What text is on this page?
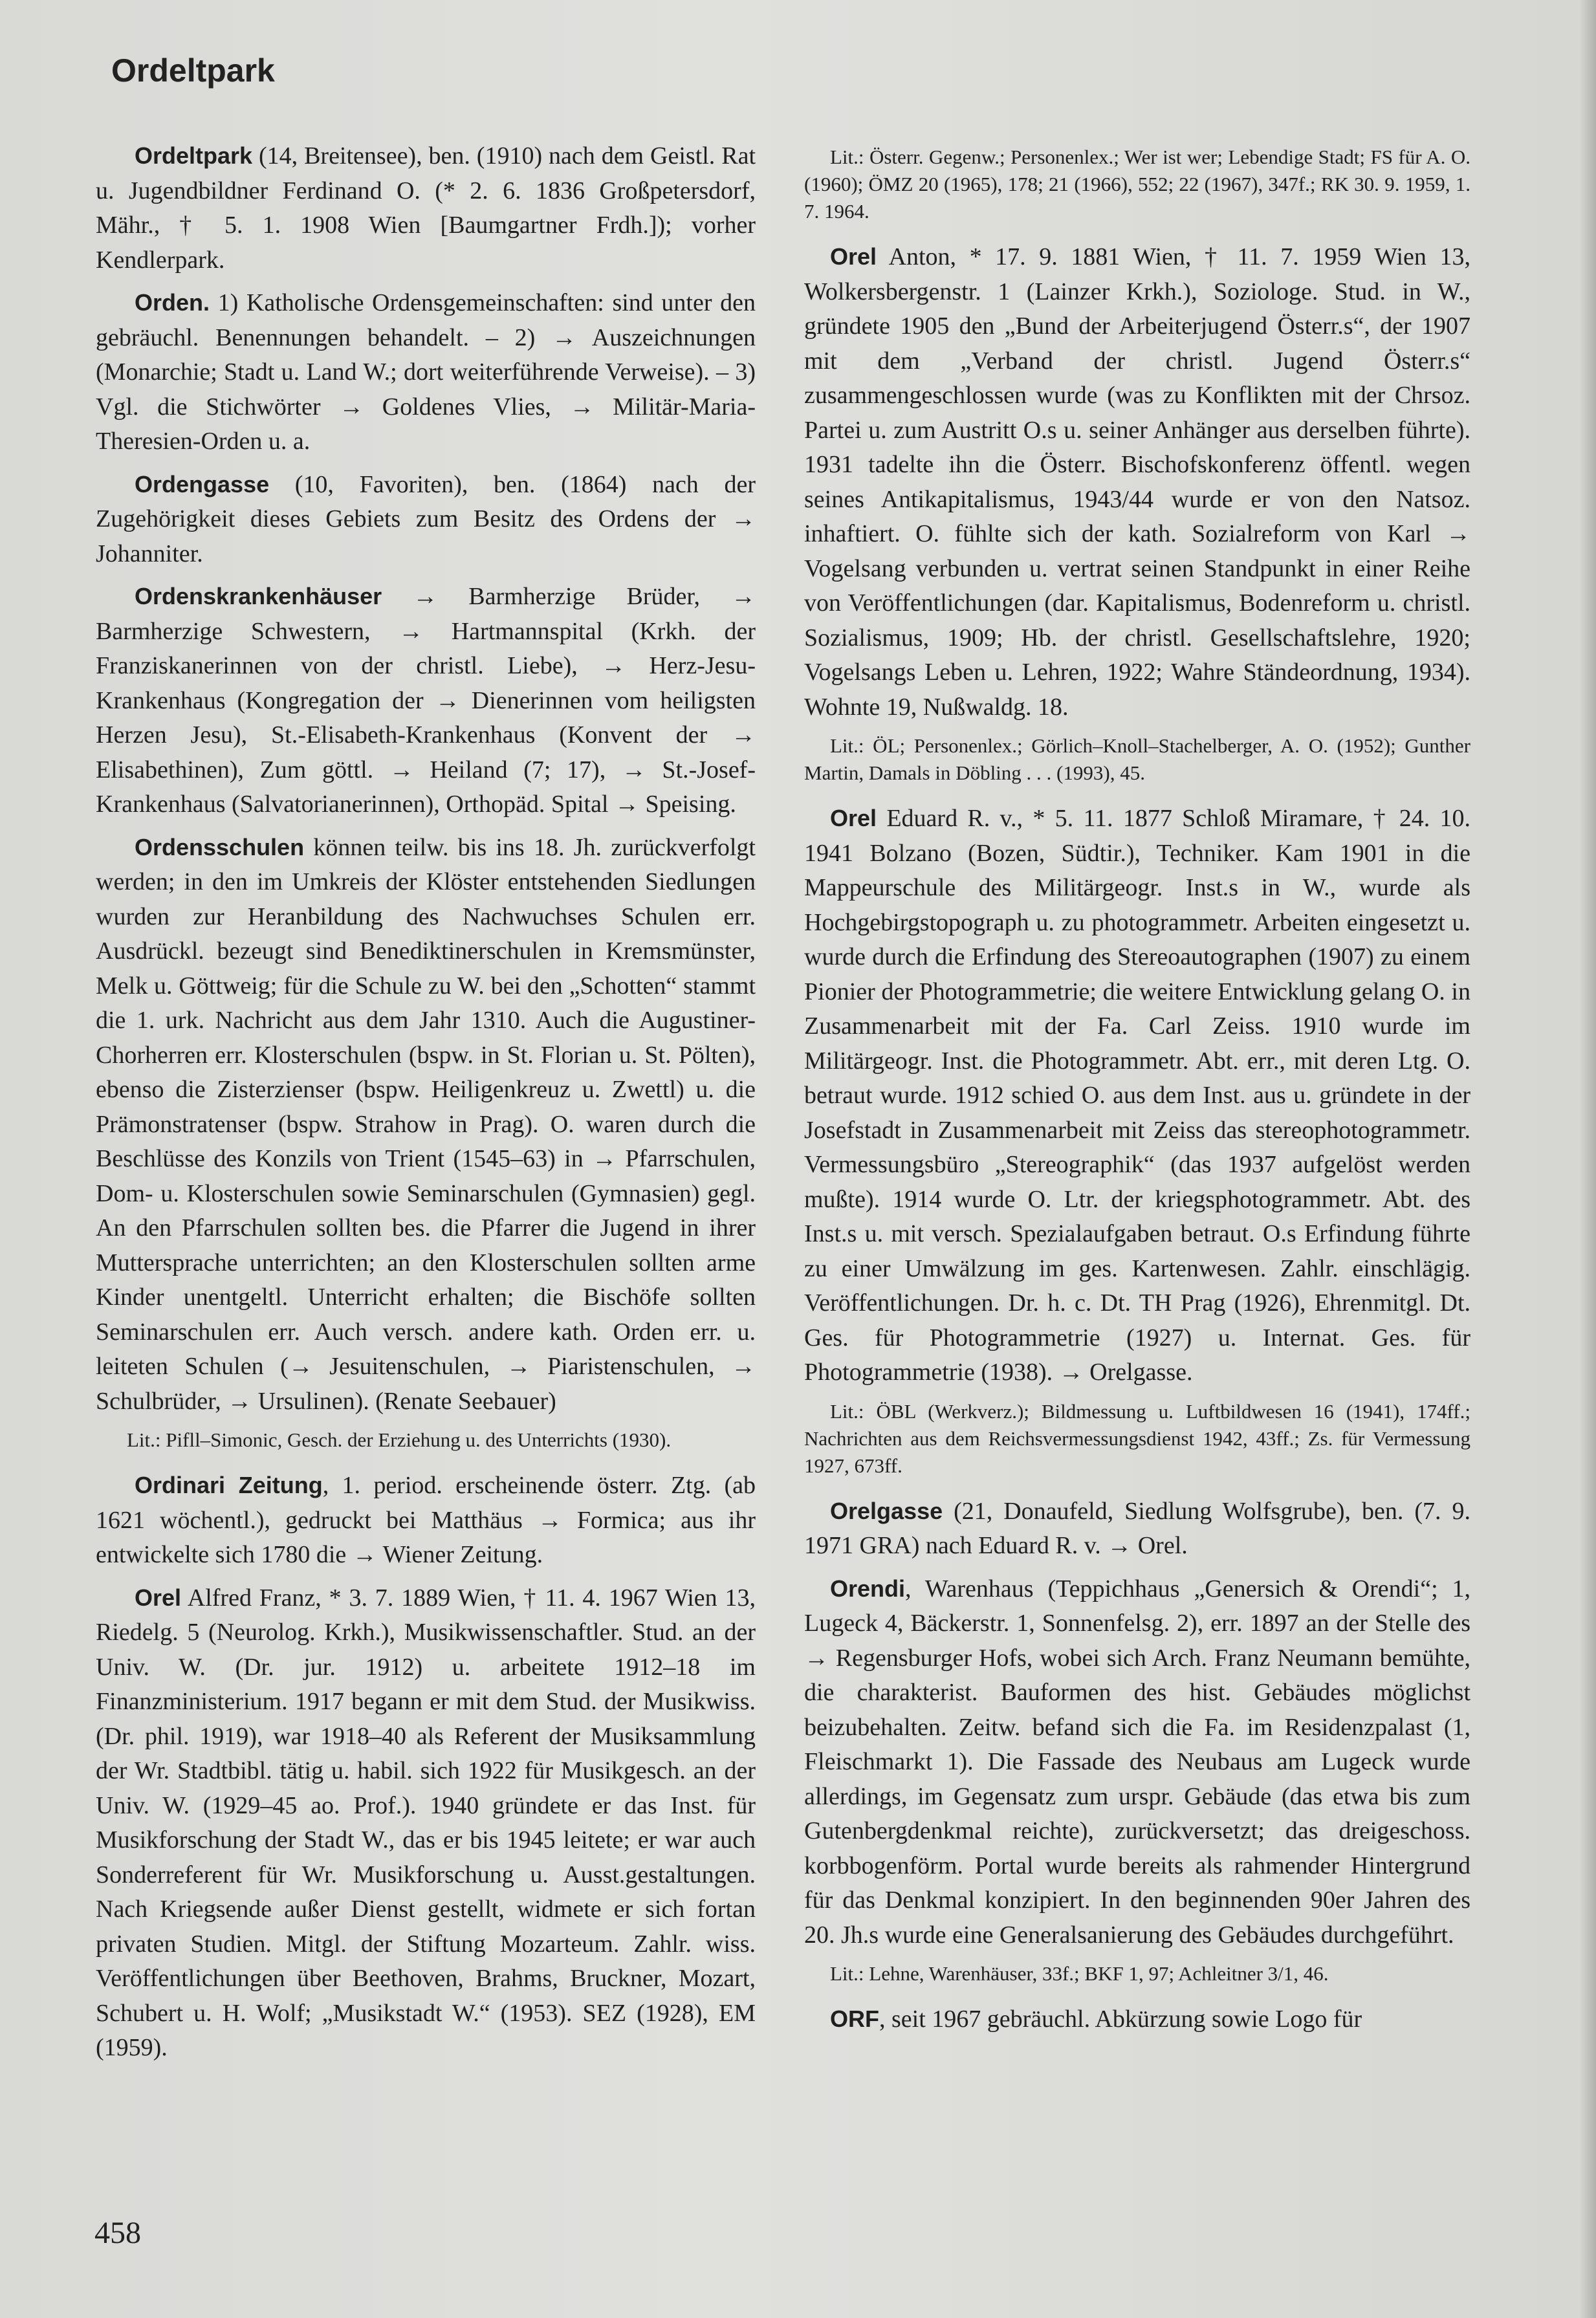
Ordeltpark

Ordeltpark (14, Breitensee), ben. (1910) nach dem Geistl. Rat u. Jugendbildner Ferdinand O. (* 2. 6. 1836 Großpetersdorf, Mähr., † 5. 1. 1908 Wien [Baumgartner Frdh.]); vorher Kendlerpark.

Orden. 1) Katholische Ordensgemeinschaften: sind unter den gebräuchl. Benennungen behandelt. – 2) → Auszeichnungen (Monarchie; Stadt u. Land W.; dort weiterführende Verweise). – 3) Vgl. die Stichwörter → Goldenes Vlies, → Militär-Maria-Theresien-Orden u. a.

Ordengasse (10, Favoriten), ben. (1864) nach der Zugehörigkeit dieses Gebiets zum Besitz des Ordens der → Johanniter.

Ordenskrankenhäuser → Barmherzige Brüder, → Barmherzige Schwestern, → Hartmannspital (Krkh. der Franziskanerinnen von der christl. Liebe), → Herz-Jesu-Krankenhaus (Kongregation der → Dienerinnen vom heiligsten Herzen Jesu), St.-Elisabeth-Krankenhaus (Konvent der → Elisabethinen), Zum göttl. → Heiland (7; 17), → St.-Josef-Krankenhaus (Salvatorianerinnen), Orthopäd. Spital → Speising.

Ordensschulen können teilw. bis ins 18. Jh. zurückverfolgt werden; in den im Umkreis der Klöster entstehenden Siedlungen wurden zur Heranbildung des Nachwuchses Schulen err. Ausdrückl. bezeugt sind Benediktinerschulen in Kremsmünster, Melk u. Göttweig; für die Schule zu W. bei den „Schotten“ stammt die 1. urk. Nachricht aus dem Jahr 1310. Auch die Augustiner-Chorherren err. Klosterschulen (bspw. in St. Florian u. St. Pölten), ebenso die Zisterzienser (bspw. Heiligenkreuz u. Zwettl) u. die Prämonstratenser (bspw. Strahow in Prag). O. waren durch die Beschlüsse des Konzils von Trient (1545–63) in → Pfarrschulen, Dom- u. Klosterschulen sowie Seminarschulen (Gymnasien) gegl. An den Pfarrschulen sollten bes. die Pfarrer die Jugend in ihrer Muttersprache unterrichten; an den Klosterschulen sollten arme Kinder unentgeltl. Unterricht erhalten; die Bischöfe sollten Seminarschulen err. Auch versch. andere kath. Orden err. u. leiteten Schulen (→ Jesuitenschulen, → Piaristenschulen, → Schulbrüder, → Ursulinen). (Renate Seebauer)

Lit.: Pifll–Simonic, Gesch. der Erziehung u. des Unterrichts (1930).

Ordinari Zeitung, 1. period. erscheinende österr. Ztg. (ab 1621 wöchentl.), gedruckt bei Matthäus → Formica; aus ihr entwickelte sich 1780 die → Wiener Zeitung.

Orel Alfred Franz, * 3. 7. 1889 Wien, † 11. 4. 1967 Wien 13, Riedelg. 5 (Neurolog. Krkh.), Musikwissenschaftler. Stud. an der Univ. W. (Dr. jur. 1912) u. arbeitete 1912–18 im Finanzministerium. 1917 begann er mit dem Stud. der Musikwiss. (Dr. phil. 1919), war 1918–40 als Referent der Musiksammlung der Wr. Stadtbibl. tätig u. habil. sich 1922 für Musikgesch. an der Univ. W. (1929–45 ao. Prof.). 1940 gründete er das Inst. für Musikforschung der Stadt W., das er bis 1945 leitete; er war auch Sonderreferent für Wr. Musikforschung u. Ausst.gestaltungen. Nach Kriegsende außer Dienst gestellt, widmete er sich fortan privaten Studien. Mitgl. der Stiftung Mozarteum. Zahlr. wiss. Veröffentlichungen über Beethoven, Brahms, Bruckner, Mozart, Schubert u. H. Wolf; „Musikstadt W.“ (1953). SEZ (1928), EM (1959).

Lit.: Österr. Gegenw.; Personenlex.; Wer ist wer; Lebendige Stadt; FS für A. O. (1960); ÖMZ 20 (1965), 178; 21 (1966), 552; 22 (1967), 347f.; RK 30. 9. 1959, 1. 7. 1964.

Orel Anton, * 17. 9. 1881 Wien, † 11. 7. 1959 Wien 13, Wolkersbergenstr. 1 (Lainzer Krkh.), Soziologe. Stud. in W., gründete 1905 den „Bund der Arbeiterjugend Österr.s“, der 1907 mit dem „Verband der christl. Jugend Österr.s“ zusammengeschlossen wurde (was zu Konflikten mit der Chrsoz. Partei u. zum Austritt O.s u. seiner Anhänger aus derselben führte). 1931 tadelte ihn die Österr. Bischofskonferenz öffentl. wegen seines Antikapitalismus, 1943/44 wurde er von den Natsoz. inhaftiert. O. fühlte sich der kath. Sozialreform von Karl → Vogelsang verbunden u. vertrat seinen Standpunkt in einer Reihe von Veröffentlichungen (dar. Kapitalismus, Bodenreform u. christl. Sozialismus, 1909; Hb. der christl. Gesellschaftslehre, 1920; Vogelsangs Leben u. Lehren, 1922; Wahre Ständeordnung, 1934). Wohnte 19, Nußwaldg. 18.

Lit.: ÖL; Personenlex.; Görlich–Knoll–Stachelberger, A. O. (1952); Gunther Martin, Damals in Döbling . . . (1993), 45.

Orel Eduard R. v., * 5. 11. 1877 Schloß Miramare, † 24. 10. 1941 Bolzano (Bozen, Südtir.), Techniker. Kam 1901 in die Mappeurschule des Militärgeogr. Inst.s in W., wurde als Hochgebirgstopograph u. zu photogrammetr. Arbeiten eingesetzt u. wurde durch die Erfindung des Stereoautographen (1907) zu einem Pionier der Photogrammetrie; die weitere Entwicklung gelang O. in Zusammenarbeit mit der Fa. Carl Zeiss. 1910 wurde im Militärgeogr. Inst. die Photogrammetr. Abt. err., mit deren Ltg. O. betraut wurde. 1912 schied O. aus dem Inst. aus u. gründete in der Josefstadt in Zusammenarbeit mit Zeiss das stereophotogrammetr. Vermessungsbüro „Stereographik“ (das 1937 aufgelöst werden mußte). 1914 wurde O. Ltr. der kriegsphotogrammetr. Abt. des Inst.s u. mit versch. Spezialaufgaben betraut. O.s Erfindung führte zu einer Umwälzung im ges. Kartenwesen. Zahlr. einschlägig. Veröffentlichungen. Dr. h. c. Dt. TH Prag (1926), Ehrenmitgl. Dt. Ges. für Photogrammetrie (1927) u. Internat. Ges. für Photogrammetrie (1938). → Orelgasse.

Lit.: ÖBL (Werkverz.); Bildmessung u. Luftbildwesen 16 (1941), 174ff.; Nachrichten aus dem Reichsvermessungsdienst 1942, 43ff.; Zs. für Vermessung 1927, 673ff.

Orelgasse (21, Donaufeld, Siedlung Wolfsgrube), ben. (7. 9. 1971 GRA) nach Eduard R. v. → Orel.

Orendi, Warenhaus (Teppichhaus „Genersich & Orendi“; 1, Lugeck 4, Bäckerstr. 1, Sonnenfelsg. 2), err. 1897 an der Stelle des → Regensburger Hofs, wobei sich Arch. Franz Neumann bemühte, die charakterist. Bauformen des hist. Gebäudes möglichst beizubehalten. Zeitw. befand sich die Fa. im Residenzpalast (1, Fleischmarkt 1). Die Fassade des Neubaus am Lugeck wurde allerdings, im Gegensatz zum urspr. Gebäude (das etwa bis zum Gutenbergdenkmal reichte), zurückversetzt; das dreigeschoss. korbbogenförm. Portal wurde bereits als rahmender Hintergrund für das Denkmal konzipiert. In den beginnenden 90er Jahren des 20. Jh.s wurde eine Generalsanierung des Gebäudes durchgeführt.

Lit.: Lehne, Warenhäuser, 33f.; BKF 1, 97; Achleitner 3/1, 46.

ORF, seit 1967 gebräuchl. Abkürzung sowie Logo für

458
